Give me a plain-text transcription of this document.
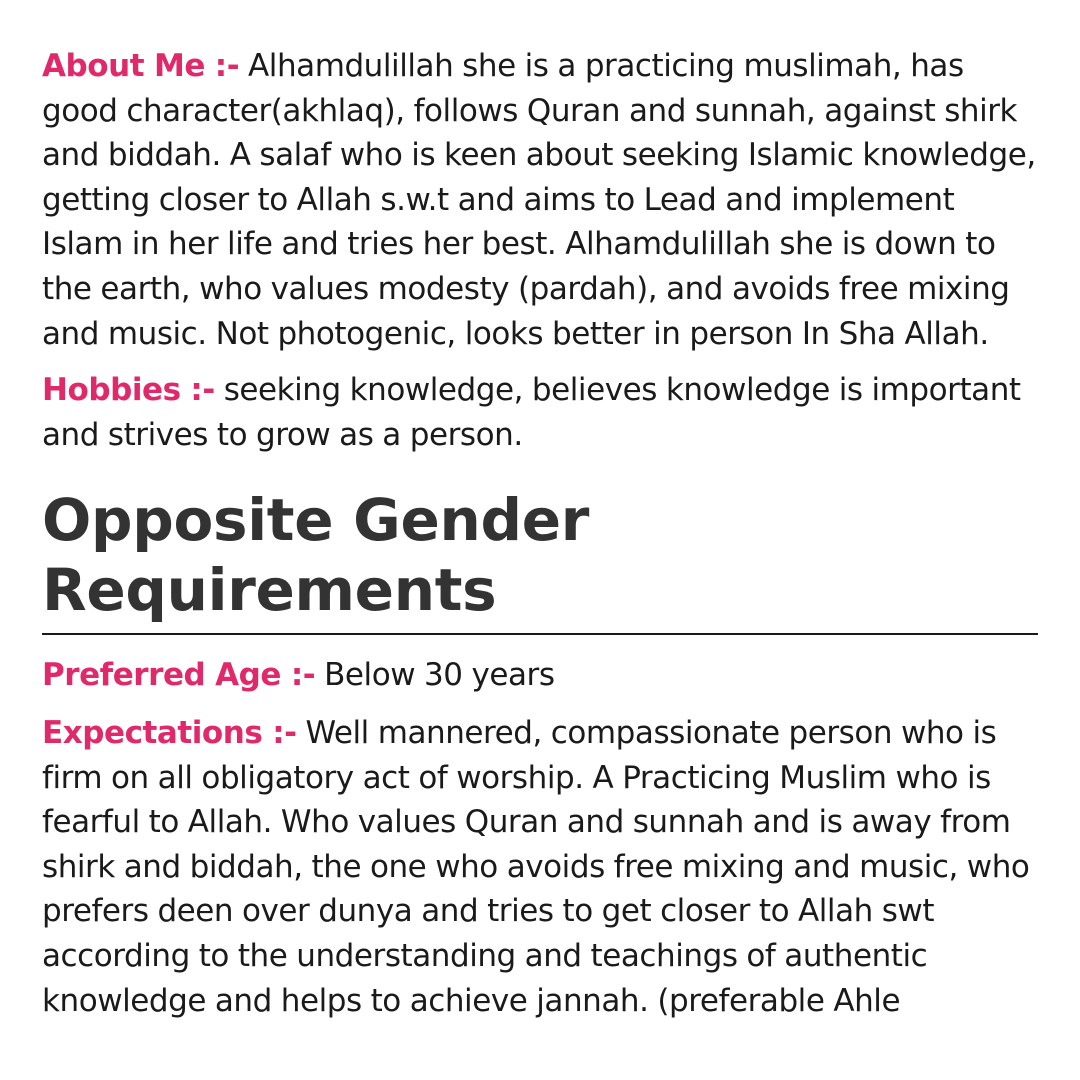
About Me :- Alhamdulillah she is a practicing muslimah, has good character(akhlaq), follows Quran and sunnah, against shirk and biddah. A salaf who is keen about seeking Islamic knowledge, getting closer to Allah s.w.t and aims to Lead and implement Islam in her life and tries her best. Alhamdulillah she is down to the earth, who values modesty (pardah), and avoids free mixing and music. Not photogenic, looks better in person In Sha Allah.

Hobbies :- seeking knowledge, believes knowledge is important and strives to grow as a person.

Opposite Gender Requirements

Preferred Age :- Below 30 years

Expectations :- Well mannered, compassionate person who is firm on all obligatory act of worship. A Practicing Muslim who is fearful to Allah. Who values Quran and sunnah and is away from shirk and biddah, the one who avoids free mixing and music, who prefers deen over dunya and tries to get closer to Allah swt according to the understanding and teachings of authentic knowledge and helps to achieve jannah. (preferable Ahle
